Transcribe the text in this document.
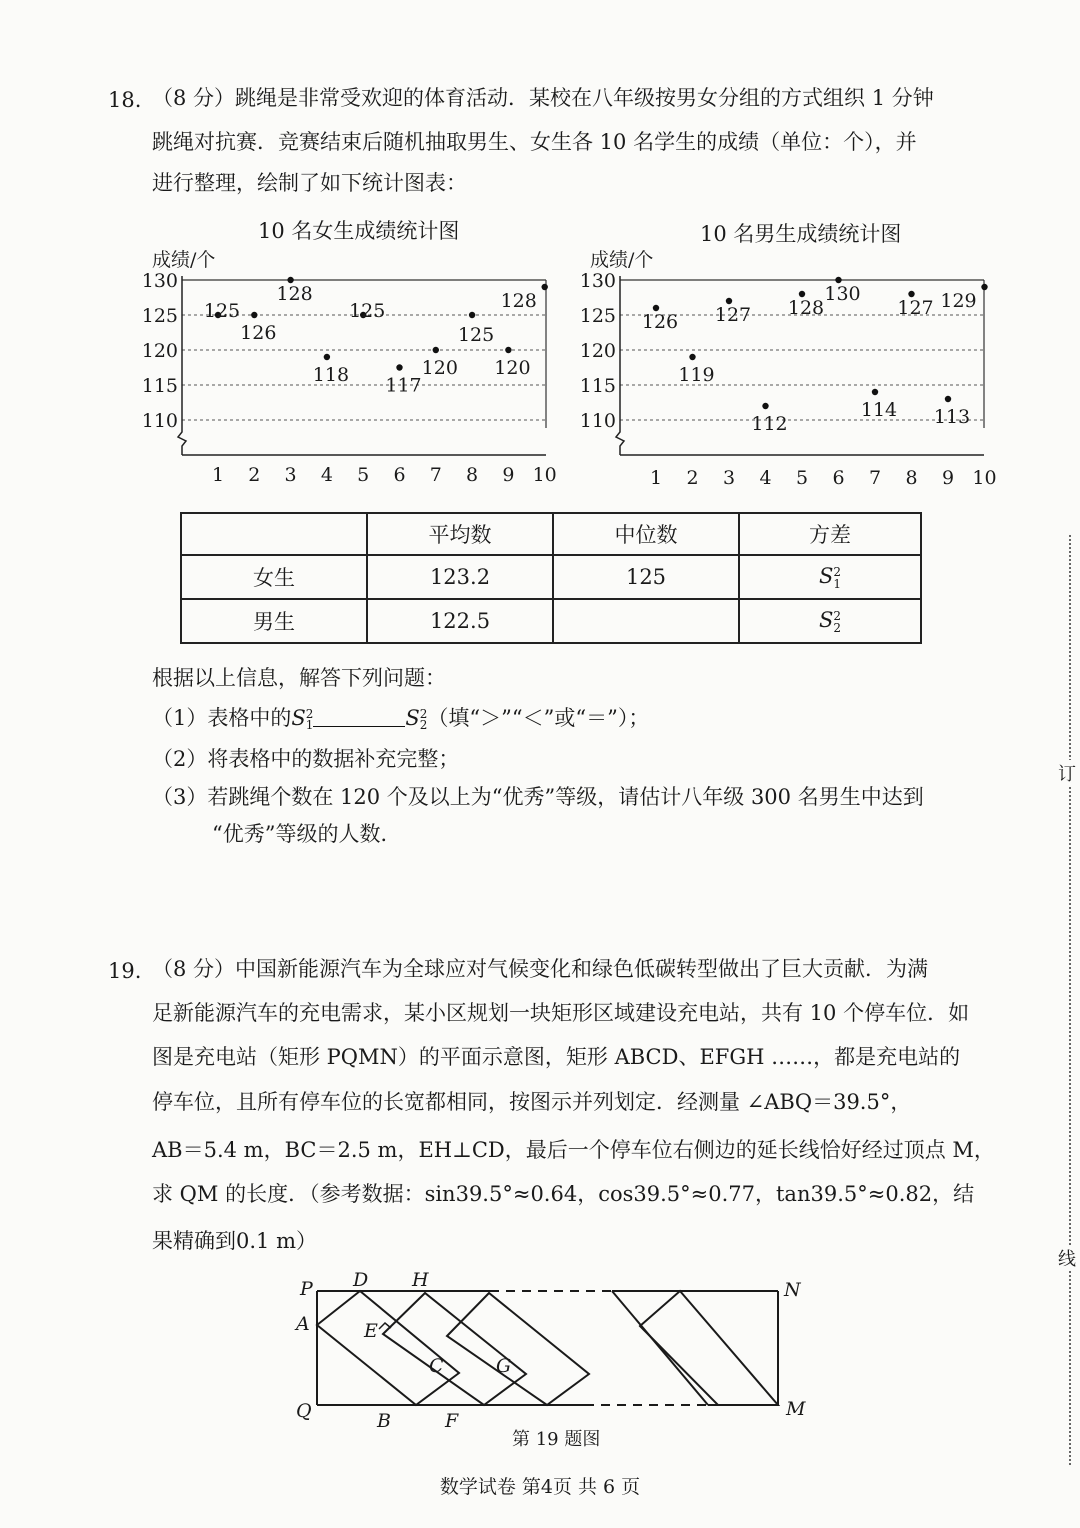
18. （8 分）跳绳是非常受欢迎的体育活动．某校在八年级按男女分组的方式组织 1 分钟
跳绳对抗赛．竞赛结束后随机抽取男生、女生各 10 名学生的成绩（单位：个），并
进行整理，绘制了如下统计图表：
10 名女生成绩统计图	10 名男生成绩统计图
成绩/个
130
125
120
115
110
1 2 3 4 5 6 7 8 9 10
125
126
128
118
125
117
120
125
120
128
成绩/个
130
125
120
115
110
1 2 3 4 5 6 7 8 9 10
126
119
127
112
128
130
114
127
113
129
	平均数	中位数	方差
女生	123.2	125	S 2
1

男生	122.5		S 2
2
根据以上信息，解答下列问题：
（1）表格中的S 2
1	S 2
2 （填“＞”“＜”或“＝”）；
（2）将表格中的数据补充完整；
（3）若跳绳个数在 120 个及以上为“优秀”等级，请估计八年级 300 名男生中达到
“优秀”等级的人数．
19. （8 分）中国新能源汽车为全球应对气候变化和绿色低碳转型做出了巨大贡献．为满
足新能源汽车的充电需求，某小区规划一块矩形区域建设充电站，共有 10 个停车位．如
图是充电站（矩形 PQMN）的平面示意图，矩形 ABCD、EFGH ……，都是充电站的
停车位，且所有停车位的长宽都相同，按图示并列划定．经测量 ∠ABQ＝39.5°，
AB＝5.4 m，BC＝2.5 m，EH⊥CD，最后一个停车位右侧边的延长线恰好经过顶点 M，
求 QM 的长度．（参考数据：sin39.5°≈0.64，cos39.5°≈0.77，tan39.5°≈0.82，结
果精确到0.1 m）
P D H	N
A	E
C	G
Q	B	F
M
第 19 题图
订
线
数学试卷 第4页 共 6 页
